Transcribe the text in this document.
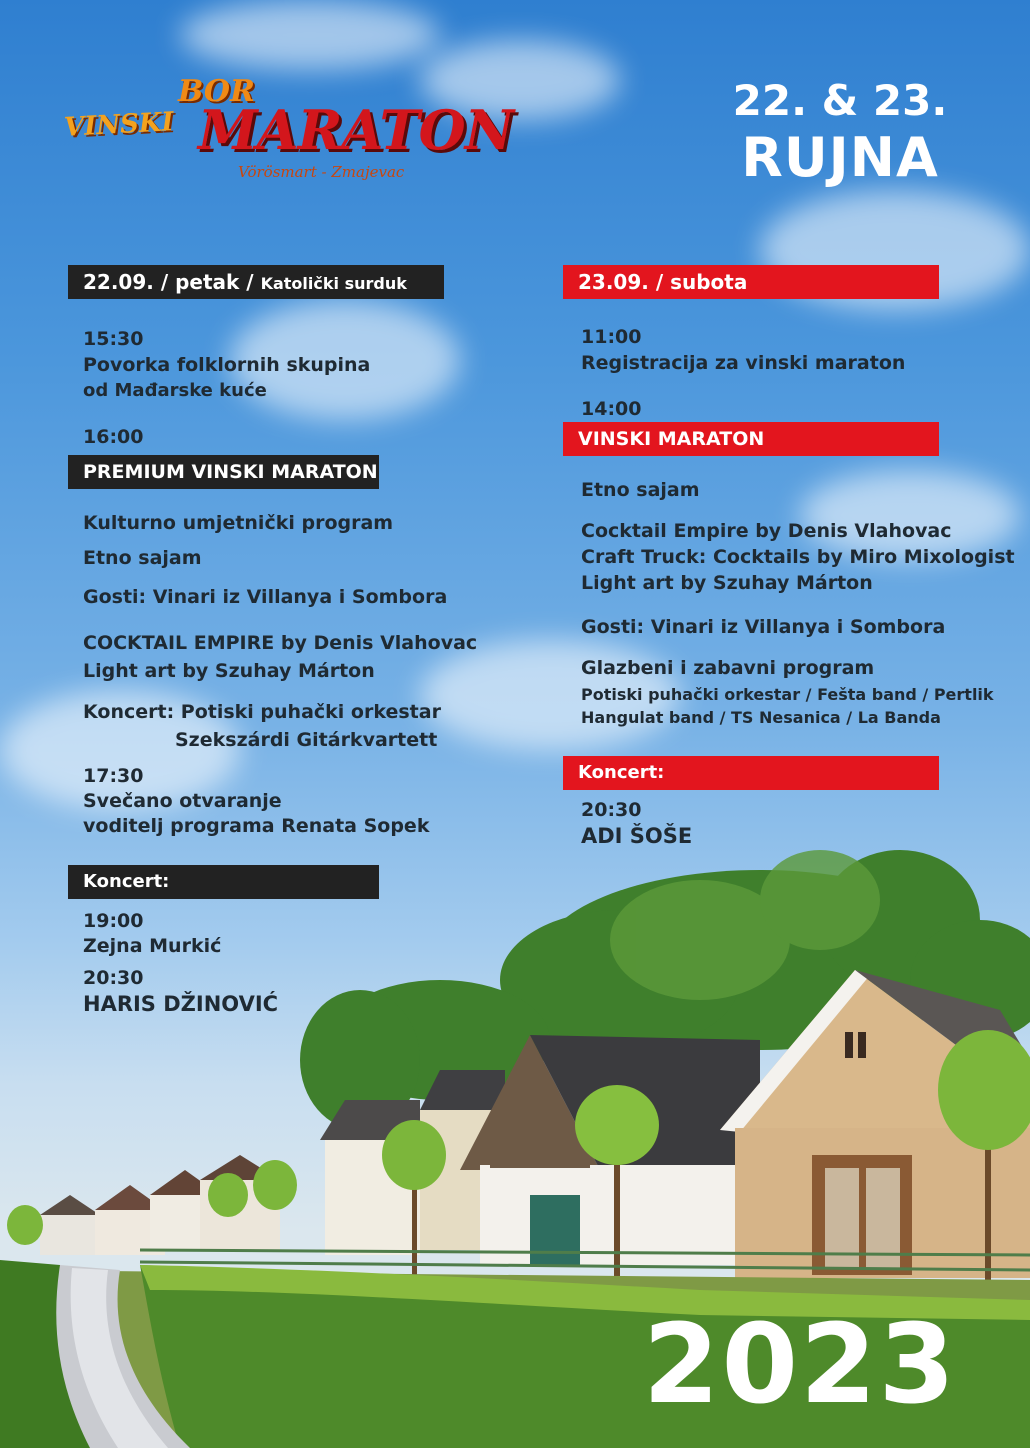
BOR
VINSKI MARATON
Vörösmart - Zmajevac
22. & 23.
RUJNA
2023
22.09. / petak / Katolički surduk
15:30
Povorka folklornih skupina
od Mađarske kuće
16:00
PREMIUM VINSKI MARATON
Kulturno umjetnički program
Etno sajam
Gosti: Vinari iz Villanya i Sombora
COCKTAIL EMPIRE by Denis Vlahovac
Light art by Szuhay Márton
Koncert: Potiski puhački orkestar
Szekszárdi Gitárkvartett
17:30
Svečano otvaranje
voditelj programa Renata Sopek
Koncert:
19:00
Zejna Murkić
20:30
HARIS DŽINOVIĆ
23.09. / subota
11:00
Registracija za vinski maraton
14:00
VINSKI MARATON
Etno sajam
Cocktail Empire by Denis Vlahovac
Craft Truck: Cocktails by Miro Mixologist
Light art by Szuhay Márton
Gosti: Vinari iz Villanya i Sombora
Glazbeni i zabavni program
Potiski puhački orkestar / Fešta band / Pertlik
Hangulat band / TS Nesanica / La Banda
Koncert:
20:30
ADI ŠOŠE
